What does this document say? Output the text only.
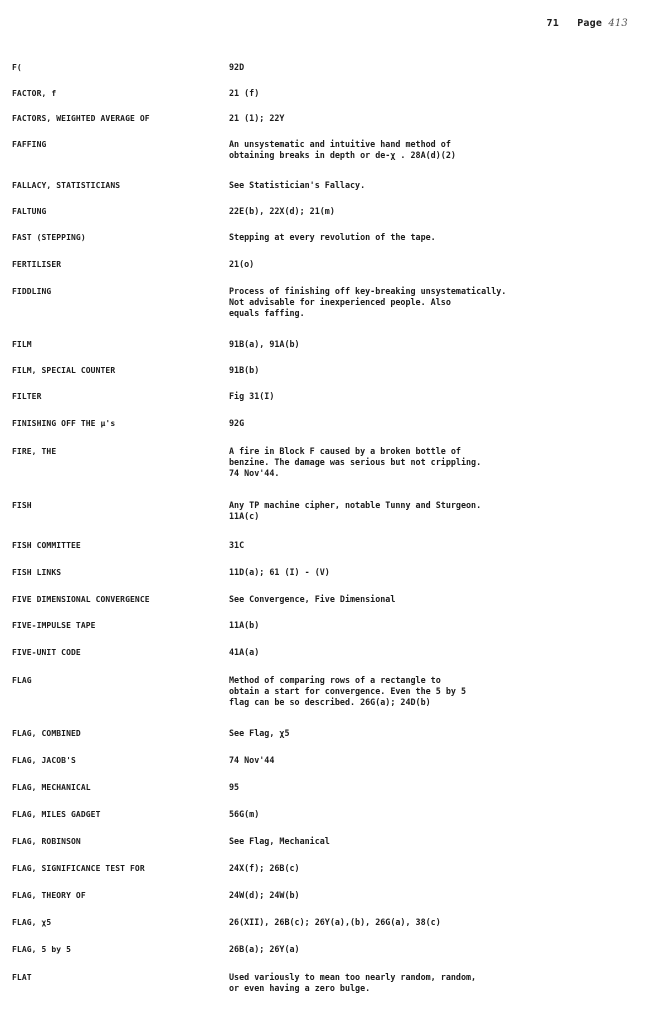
71 Page 413
F(	92D
FACTOR, f	21 (f)
FACTORS, WEIGHTED AVERAGE OF	21 (1); 22Y
FAFFING	An unsystematic and intuitive hand method of
obtaining breaks in depth or de-χ . 28A(d)(2)
FALLACY, STATISTICIANS	See Statistician's Fallacy.
FALTUNG	22E(b), 22X(d); 21(m)
FAST (STEPPING)	Stepping at every revolution of the tape.
FERTILISER	21(o)
FIDDLING	Process of finishing off key-breaking unsystematically.
Not advisable for inexperienced people. Also
equals faffing.
FILM	91B(a), 91A(b)
FILM, SPECIAL COUNTER	91B(b)
FILTER	Fig 31(I)
FINISHING OFF THE μ's	92G
FIRE, THE	A fire in Block F caused by a broken bottle of
benzine. The damage was serious but not crippling.
74 Nov'44.
FISH	Any TP machine cipher, notable Tunny and Sturgeon.
11A(c)
FISH COMMITTEE	31C
FISH LINKS	11D(a); 61 (I) - (V)
FIVE DIMENSIONAL CONVERGENCE	See Convergence, Five Dimensional
FIVE-IMPULSE TAPE	11A(b)
FIVE-UNIT CODE	41A(a)
FLAG	Method of comparing rows of a rectangle to
obtain a start for convergence. Even the 5 by 5
flag can be so described. 26G(a); 24D(b)
FLAG, COMBINED	See Flag, χ5
FLAG, JACOB'S	74 Nov'44
FLAG, MECHANICAL	95
FLAG, MILES GADGET	56G(m)
FLAG, ROBINSON	See Flag, Mechanical
FLAG, SIGNIFICANCE TEST FOR	24X(f); 26B(c)
FLAG, THEORY OF	24W(d); 24W(b)
FLAG, χ5	26(XII), 26B(c); 26Y(a),(b), 26G(a), 38(c)
FLAG, 5 by 5	26B(a); 26Y(a)
FLAT	Used variously to mean too nearly random, random,
or even having a zero bulge.
